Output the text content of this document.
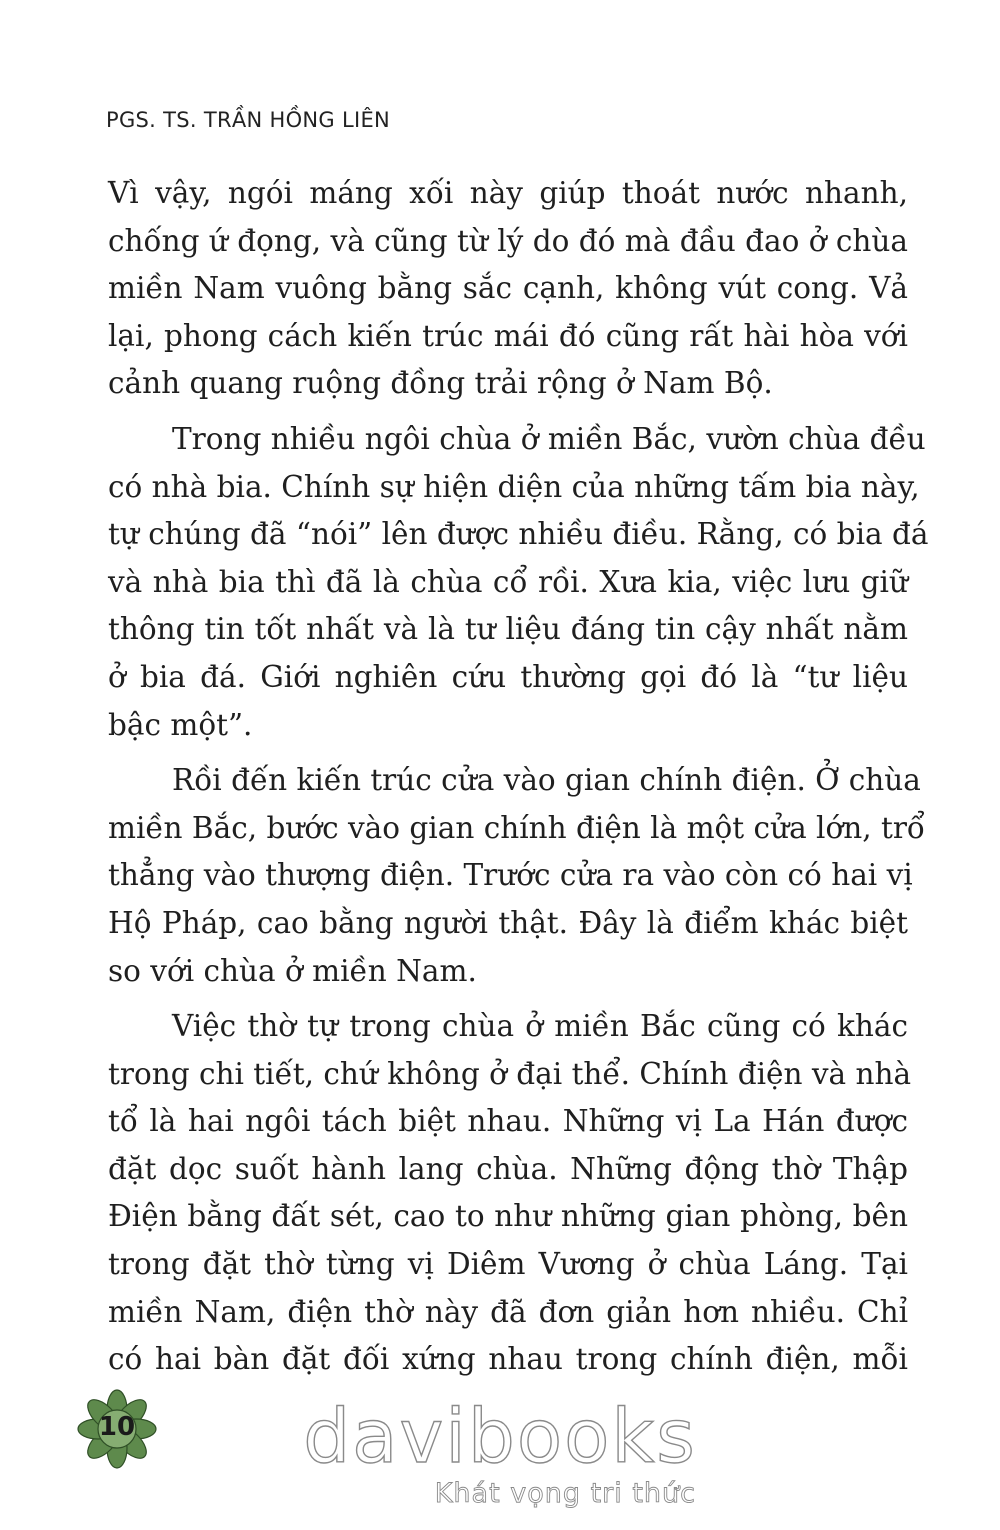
PGS. TS. TRẦN HỒNG LIÊN
Vì vậy, ngói máng xối này giúp thoát nước nhanh,
chống ứ đọng, và cũng từ lý do đó mà đầu đao ở chùa
miền Nam vuông bằng sắc cạnh, không vút cong. Vả
lại, phong cách kiến trúc mái đó cũng rất hài hòa với
cảnh quang ruộng đồng trải rộng ở Nam Bộ.
Trong nhiều ngôi chùa ở miền Bắc, vườn chùa đều
có nhà bia. Chính sự hiện diện của những tấm bia này,
tự chúng đã “nói” lên được nhiều điều. Rằng, có bia đá
và nhà bia thì đã là chùa cổ rồi. Xưa kia, việc lưu giữ
thông tin tốt nhất và là tư liệu đáng tin cậy nhất nằm
ở bia đá. Giới nghiên cứu thường gọi đó là “tư liệu
bậc một”.
Rồi đến kiến trúc cửa vào gian chính điện. Ở chùa
miền Bắc, bước vào gian chính điện là một cửa lớn, trổ
thẳng vào thượng điện. Trước cửa ra vào còn có hai vị
Hộ Pháp, cao bằng người thật. Đây là điểm khác biệt
so với chùa ở miền Nam.
Việc thờ tự trong chùa ở miền Bắc cũng có khác
trong chi tiết, chứ không ở đại thể. Chính điện và nhà
tổ là hai ngôi tách biệt nhau. Những vị La Hán được
đặt dọc suốt hành lang chùa. Những động thờ Thập
Điện bằng đất sét, cao to như những gian phòng, bên
trong đặt thờ từng vị Diêm Vương ở chùa Láng. Tại
miền Nam, điện thờ này đã đơn giản hơn nhiều. Chỉ
có hai bàn đặt đối xứng nhau trong chính điện, mỗi
10	davibooks
Khát vọng tri thức
